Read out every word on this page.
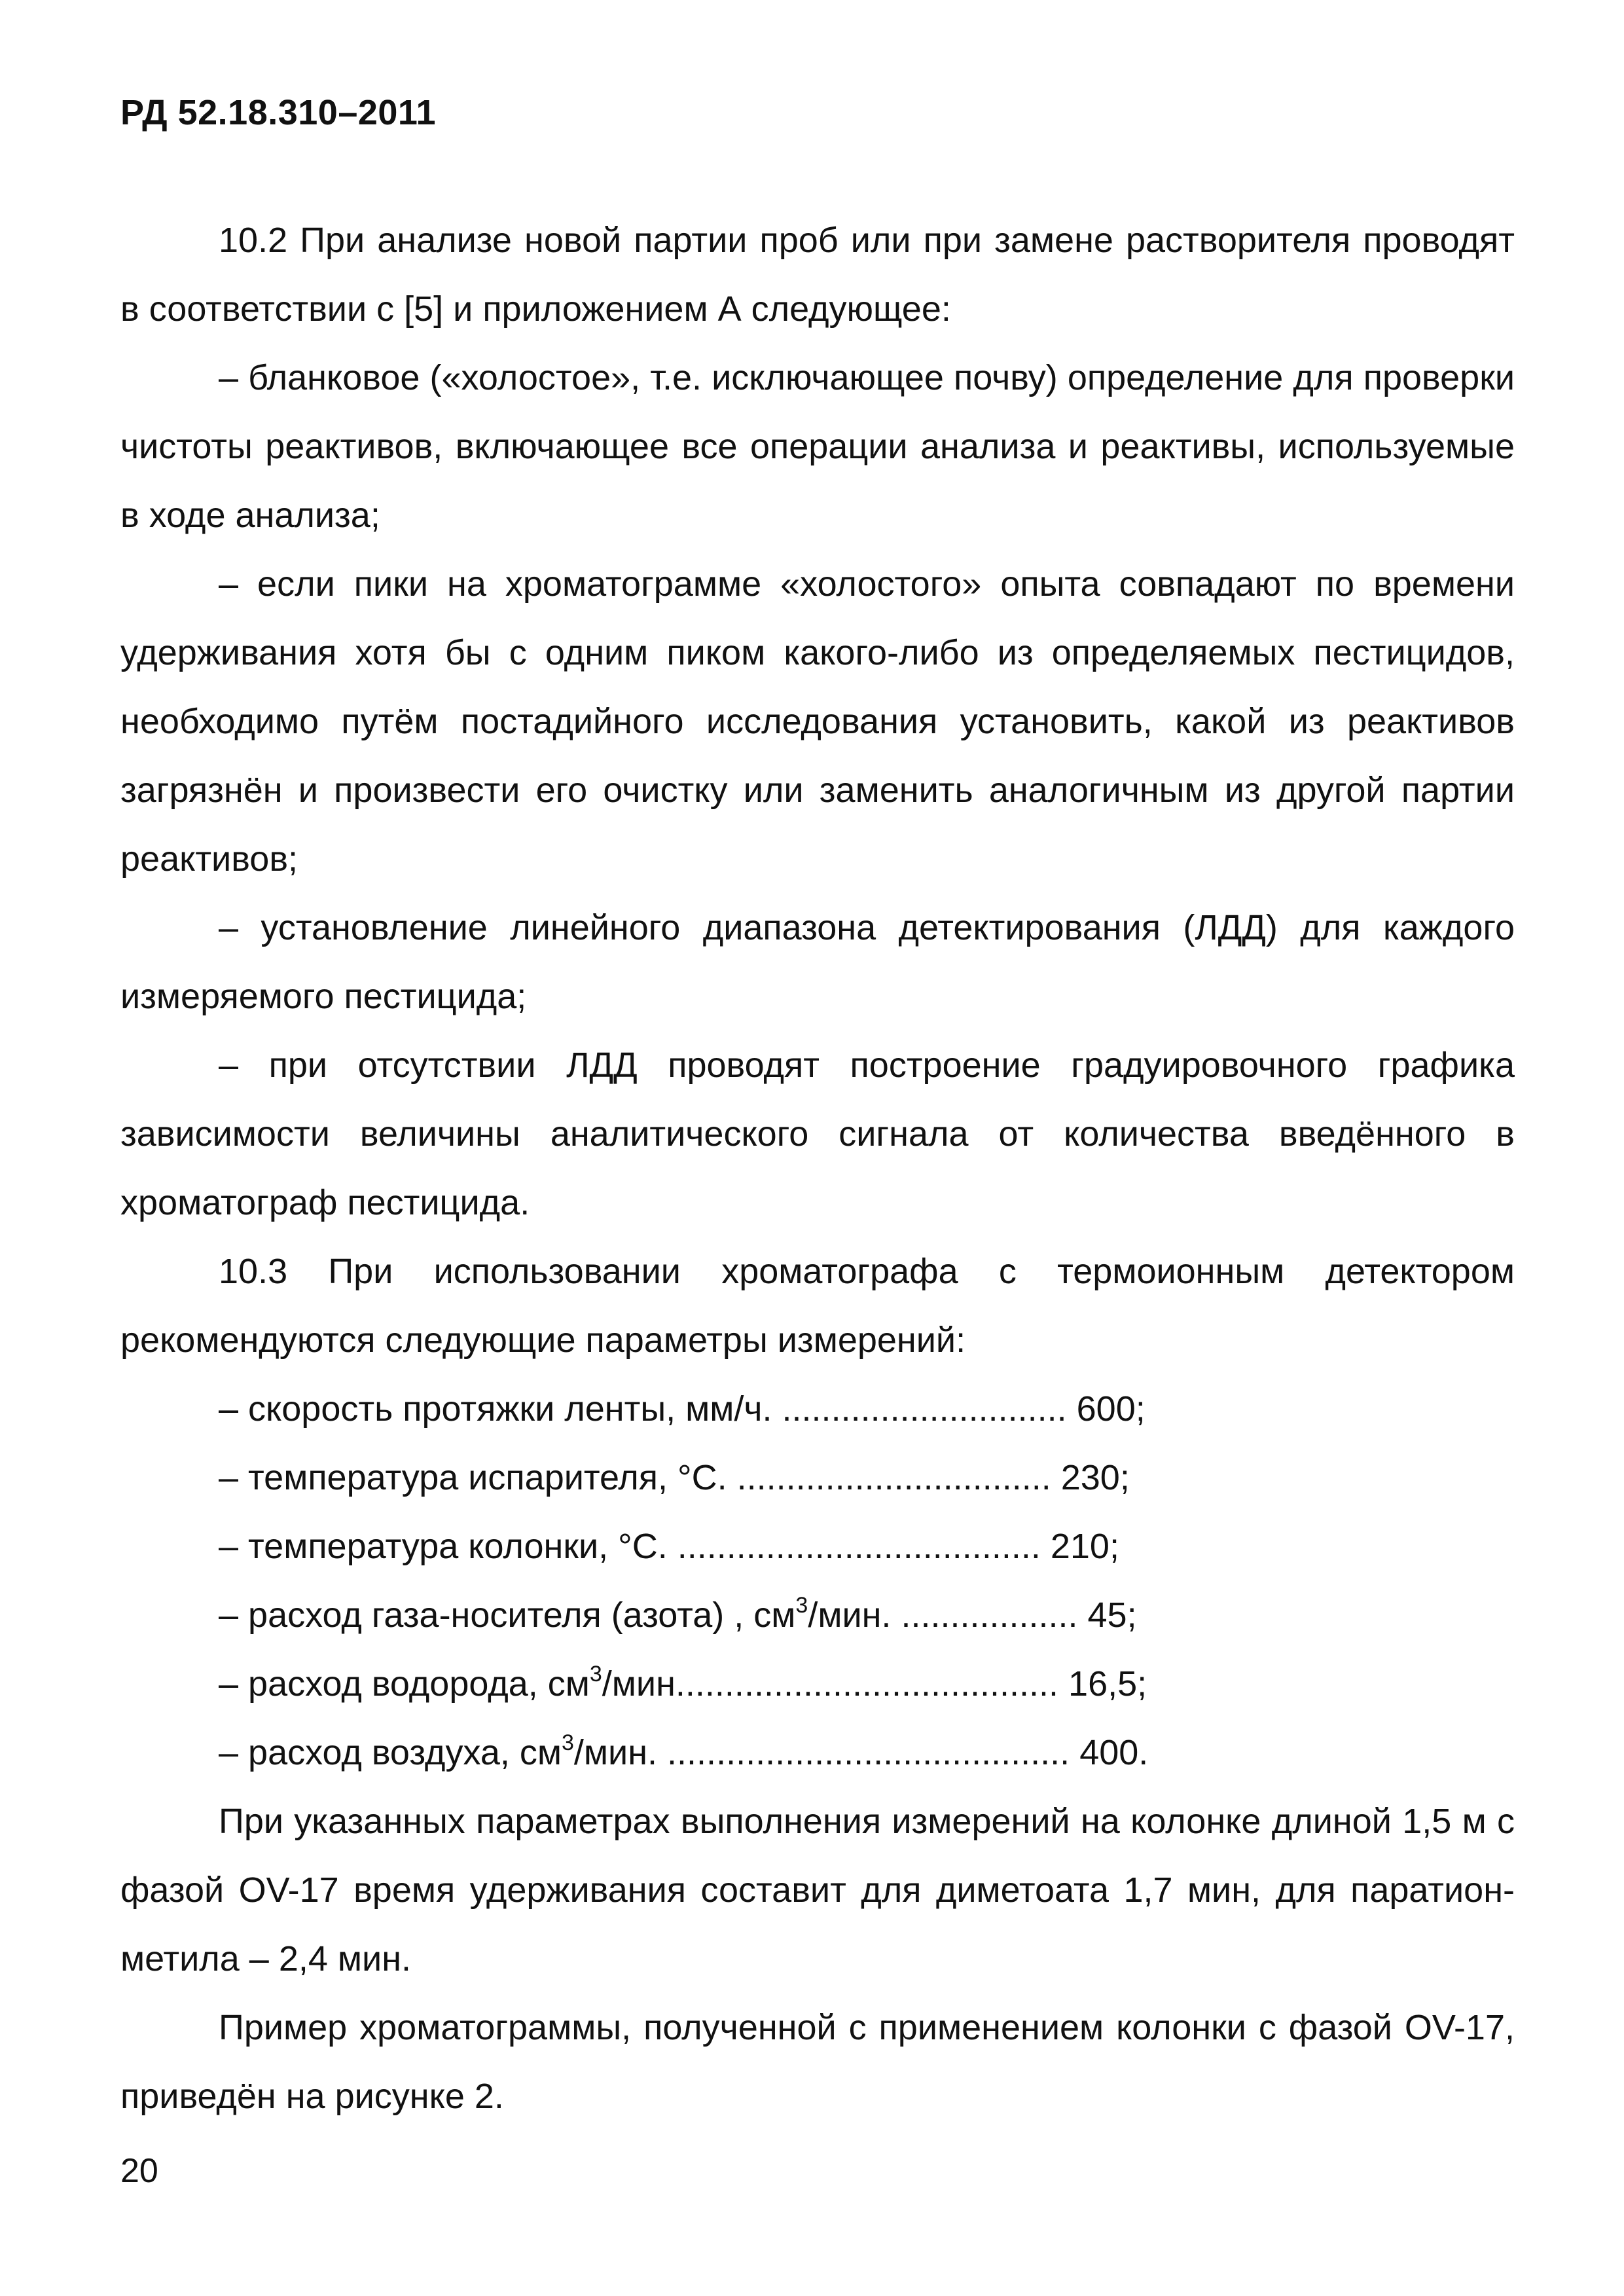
РД 52.18.310–2011

10.2 При анализе новой партии проб или при замене растворителя проводят в соответствии с [5] и приложением А следующее:

– бланковое («холостое», т.е. исключающее почву) определение для проверки чистоты реактивов, включающее все операции анализа и реактивы, используемые в ходе анализа;

– если пики на хроматограмме «холостого» опыта совпадают по времени удерживания хотя бы с одним пиком какого-либо из определяемых пестицидов, необходимо путём постадийного исследования установить, какой из реактивов загрязнён и произвести его очистку или заменить аналогичным из другой партии реактивов;

– установление линейного диапазона детектирования (ЛДД) для каждого измеряемого пестицида;

– при отсутствии ЛДД проводят построение градуировочного графика зависимости величины аналитического сигнала от количества введённого в хроматограф пестицида.

10.3 При использовании хроматографа с термоионным детектором рекомендуются следующие параметры измерений:

– скорость протяжки ленты, мм/ч. ............................. 600;
– температура испарителя, °С. ................................ 230;
– температура колонки, °С. ..................................... 210;
– расход газа-носителя (азота) , $см^3$/мин. .................. 45;
– расход водорода, $см^3$/мин....................................... 16,5;
– расход воздуха, $см^3$/мин. ......................................... 400.

При указанных параметрах выполнения измерений на колонке длиной 1,5 м с фазой OV-17 время удерживания составит для диметоата 1,7 мин, для паратион-метила – 2,4 мин.

Пример хроматограммы, полученной с применением колонки с фазой OV-17, приведён на рисунке 2.

20
